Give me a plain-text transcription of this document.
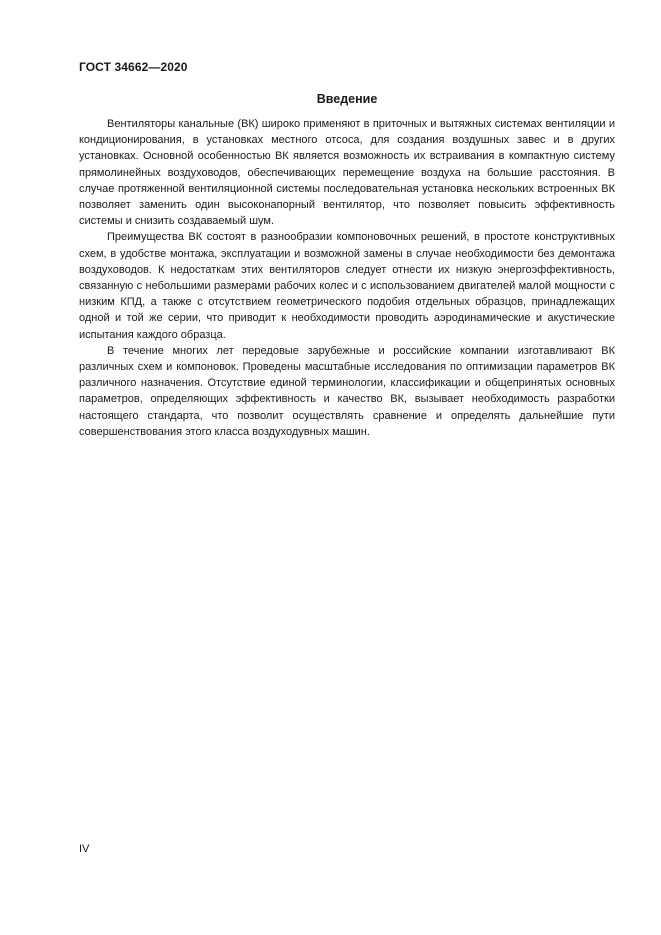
ГОСТ 34662—2020
Введение

Вентиляторы канальные (ВК) широко применяют в приточных и вытяжных системах вентиляции и кондиционирования, в установках местного отсоса, для создания воздушных завес и в других установках. Основной особенностью ВК является возможность их встраивания в компактную систему прямолинейных воздуховодов, обеспечивающих перемещение воздуха на большие расстояния. В случае протяженной вентиляционной системы последовательная установка нескольких встроенных ВК позволяет заменить один высоконапорный вентилятор, что позволяет повысить эффективность системы и снизить создаваемый шум.

Преимущества ВК состоят в разнообразии компоновочных решений, в простоте конструктивных схем, в удобстве монтажа, эксплуатации и возможной замены в случае необходимости без демонтажа воздуховодов. К недостаткам этих вентиляторов следует отнести их низкую энергоэффективность, связанную с небольшими размерами рабочих колес и с использованием двигателей малой мощности с низким КПД, а также с отсутствием геометрического подобия отдельных образцов, принадлежащих одной и той же серии, что приводит к необходимости проводить аэродинамические и акустические испытания каждого образца.

В течение многих лет передовые зарубежные и российские компании изготавливают ВК различных схем и компоновок. Проведены масштабные исследования по оптимизации параметров ВК различного назначения. Отсутствие единой терминологии, классификации и общепринятых основных параметров, определяющих эффективность и качество ВК, вызывает необходимость разработки настоящего стандарта, что позволит осуществлять сравнение и определять дальнейшие пути совершенствования этого класса воздуходувных машин.

IV
